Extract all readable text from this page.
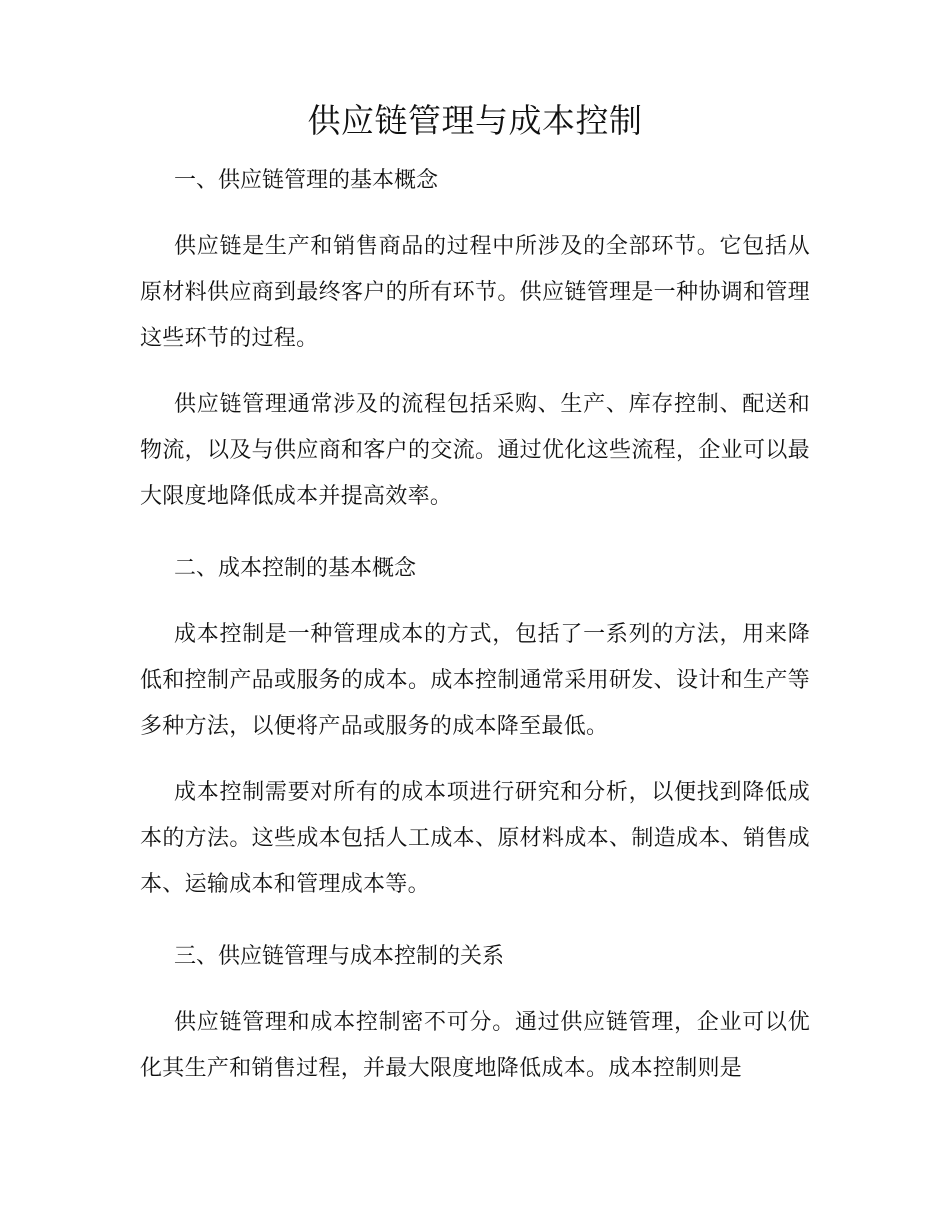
供应链管理与成本控制

一、供应链管理的基本概念

供应链是生产和销售商品的过程中所涉及的全部环节。它包括从原材料供应商到最终客户的所有环节。供应链管理是一种协调和管理这些环节的过程。

供应链管理通常涉及的流程包括采购、生产、库存控制、配送和物流，以及与供应商和客户的交流。通过优化这些流程，企业可以最大限度地降低成本并提高效率。

二、成本控制的基本概念

成本控制是一种管理成本的方式，包括了一系列的方法，用来降低和控制产品或服务的成本。成本控制通常采用研发、设计和生产等多种方法，以便将产品或服务的成本降至最低。

成本控制需要对所有的成本项进行研究和分析，以便找到降低成本的方法。这些成本包括人工成本、原材料成本、制造成本、销售成本、运输成本和管理成本等。

三、供应链管理与成本控制的关系

供应链管理和成本控制密不可分。通过供应链管理，企业可以优化其生产和销售过程，并最大限度地降低成本。成本控制则是
